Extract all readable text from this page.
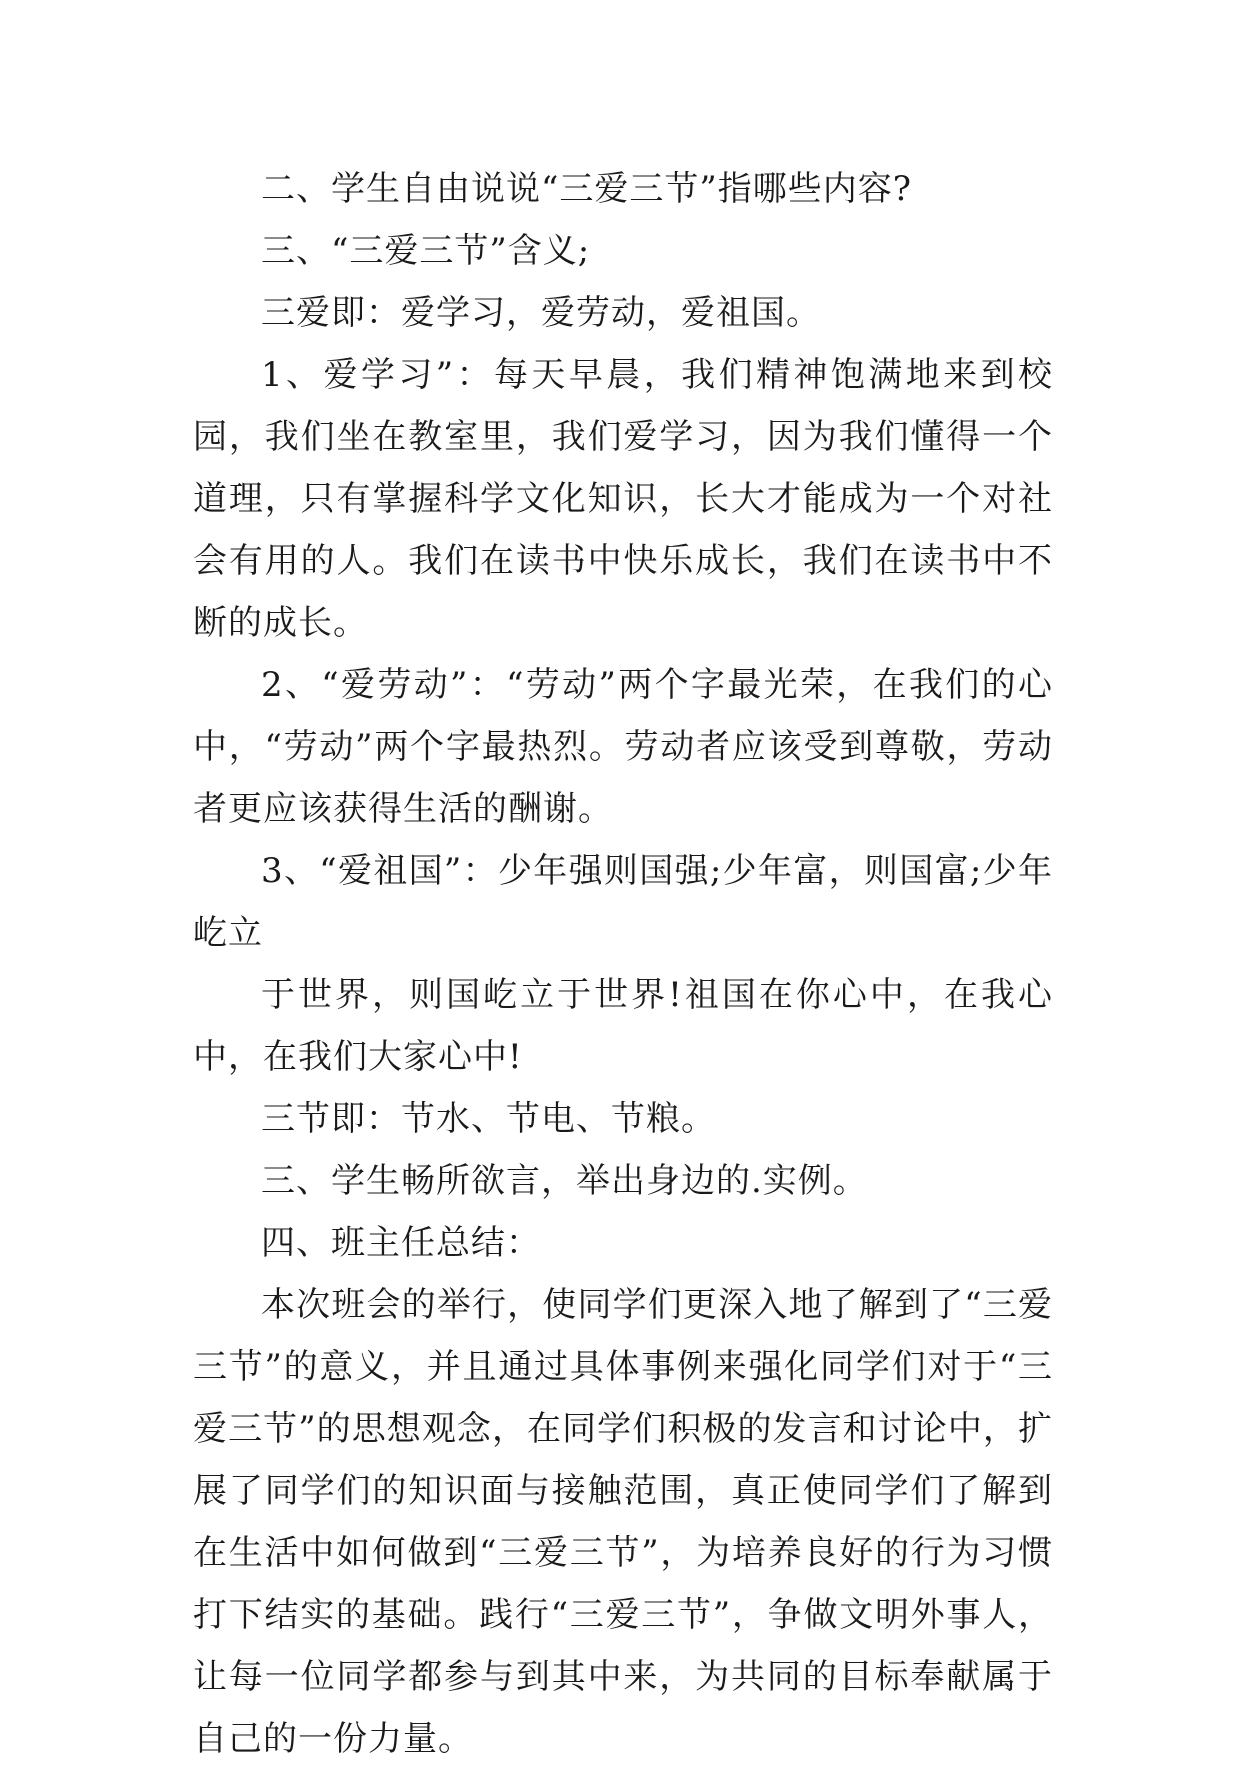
二、学生自由说说“三爱三节”指哪些内容?

三、“三爱三节”含义;

三爱即：爱学习，爱劳动，爱祖国。

1、爱学习”：每天早晨，我们精神饱满地来到校园，我们坐在教室里，我们爱学习，因为我们懂得一个道理，只有掌握科学文化知识，长大才能成为一个对社会有用的人。我们在读书中快乐成长，我们在读书中不断的成长。

2、“爱劳动”：“劳动”两个字最光荣，在我们的心中，“劳动”两个字最热烈。劳动者应该受到尊敬，劳动者更应该获得生活的酬谢。

3、“爱祖国”：少年强则国强;少年富，则国富;少年屹立

于世界，则国屹立于世界!祖国在你心中，在我心中，在我们大家心中!

三节即：节水、节电、节粮。

三、学生畅所欲言，举出身边的.实例。

四、班主任总结：

本次班会的举行，使同学们更深入地了解到了“三爱三节”的意义，并且通过具体事例来强化同学们对于“三爱三节”的思想观念，在同学们积极的发言和讨论中，扩展了同学们的知识面与接触范围，真正使同学们了解到在生活中如何做到“三爱三节”，为培养良好的行为习惯打下结实的基础。践行“三爱三节”，争做文明外事人，让每一位同学都参与到其中来，为共同的目标奉献属于自己的一份力量。
